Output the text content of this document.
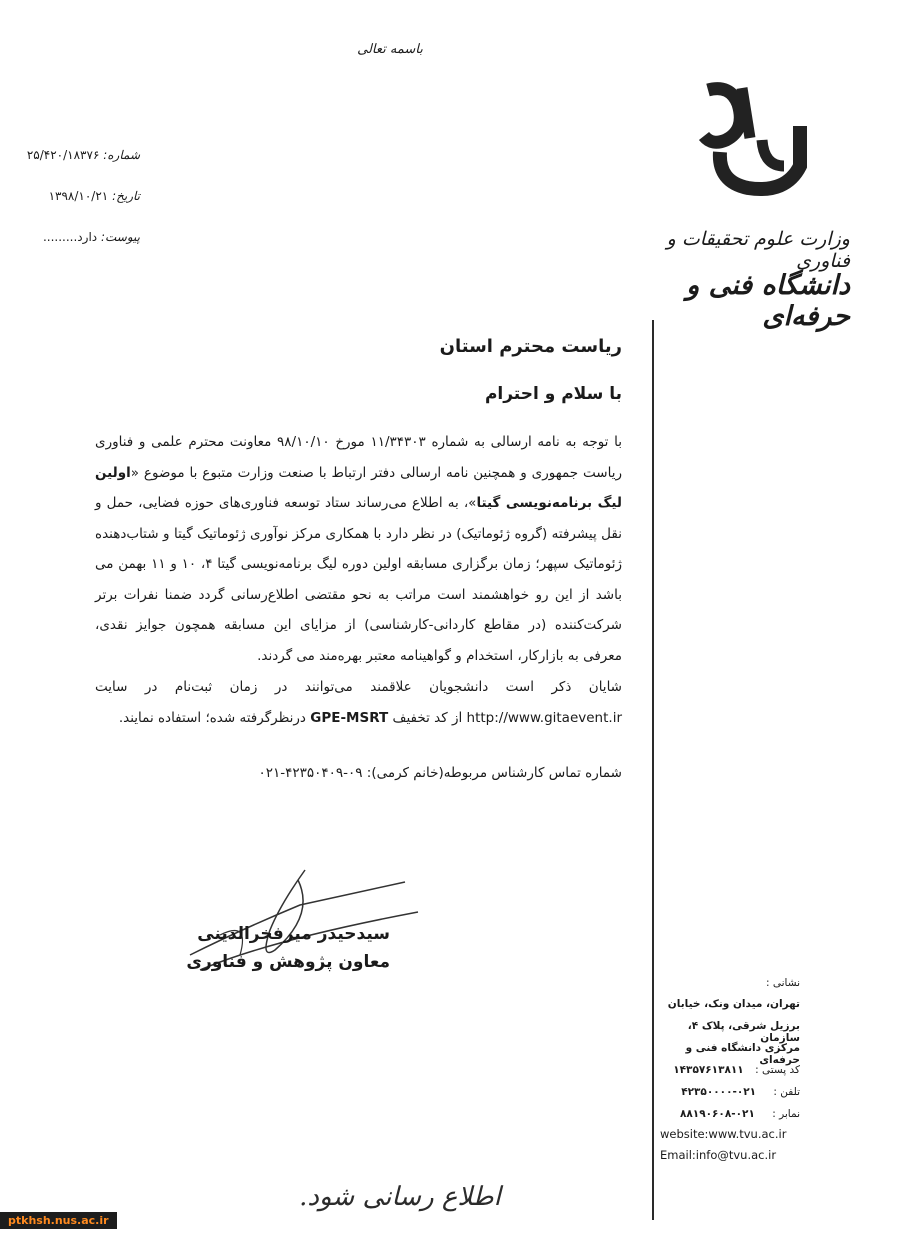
باسمه تعالی
شماره: ۲۵/۴۲۰/۱۸۳۷۶
تاریخ: ۱۳۹۸/۱۰/۲۱
پیوست: دارد.........	وزارت علوم تحقیقات و فناوری
دانشگاه فنی و حرفه‌ای
ریاست محترم استان
با سلام و احترام
با توجه به نامه ارسالی به شماره ۱۱/۳۴۳۰۳ مورخ ۹۸/۱۰/۱۰ معاونت محترم علمی و فناوری ریاست جمهوری و همچنین نامه ارسالی دفتر ارتباط با صنعت وزارت متبوع با موضوع «اولین لیگ برنامه‌نویسی گیتا»، به اطلاع می‌رساند ستاد توسعه فناوری‌های حوزه فضایی، حمل و نقل پیشرفته (گروه ژئوماتیک) در نظر دارد با همکاری مرکز نوآوری ژئوماتیک گیتا و شتاب‌دهنده ژئوماتیک سپهر؛ زمان برگزاری مسابقه اولین دوره لیگ برنامه‌نویسی گیتا ۴، ۱۰ و ۱۱ بهمن می باشد از این رو خواهشمند است مراتب به نحو مقتضی اطلاع‌رسانی گردد ضمنا نفرات برتر شرکت‌کننده (در مقاطع کاردانی-کارشناسی) از مزایای این مسابقه همچون جوایز نقدی، معرفی به بازارکار، استخدام و گواهینامه معتبر بهره‌مند می گردند.
شایان ذکر است دانشجویان علاقمند می‌توانند در زمان ثبت‌نام در سایت http://www.gitaevent.ir از کد تخفیف GPE-MSRT درنظرگرفته شده؛ استفاده نمایند.
شماره تماس کارشناس مربوطه(خانم کرمی): ۰۹-۴۲۳۵۰۴۰۹-۰۲۱
سیدحیدر میرفخرالدینی
معاون پژوهش و فناوری
نشانی :
تهران، میدان ونک، خیابان
برزیل شرقی، پلاک ۴، سازمان
مرکزی دانشگاه فنی و حرفه‌ای
کد پستی : ۱۴۳۵۷۶۱۳۸۱۱
تلفن : ۰۲۱-۴۲۳۵۰۰۰۰
نمابر : ۰۲۱-۸۸۱۹۰۶۰۸
website:www.tvu.ac.ir
Email:info@tvu.ac.ir
اطلاع رسانی شود.
ptkhsh.nus.ac.ir
